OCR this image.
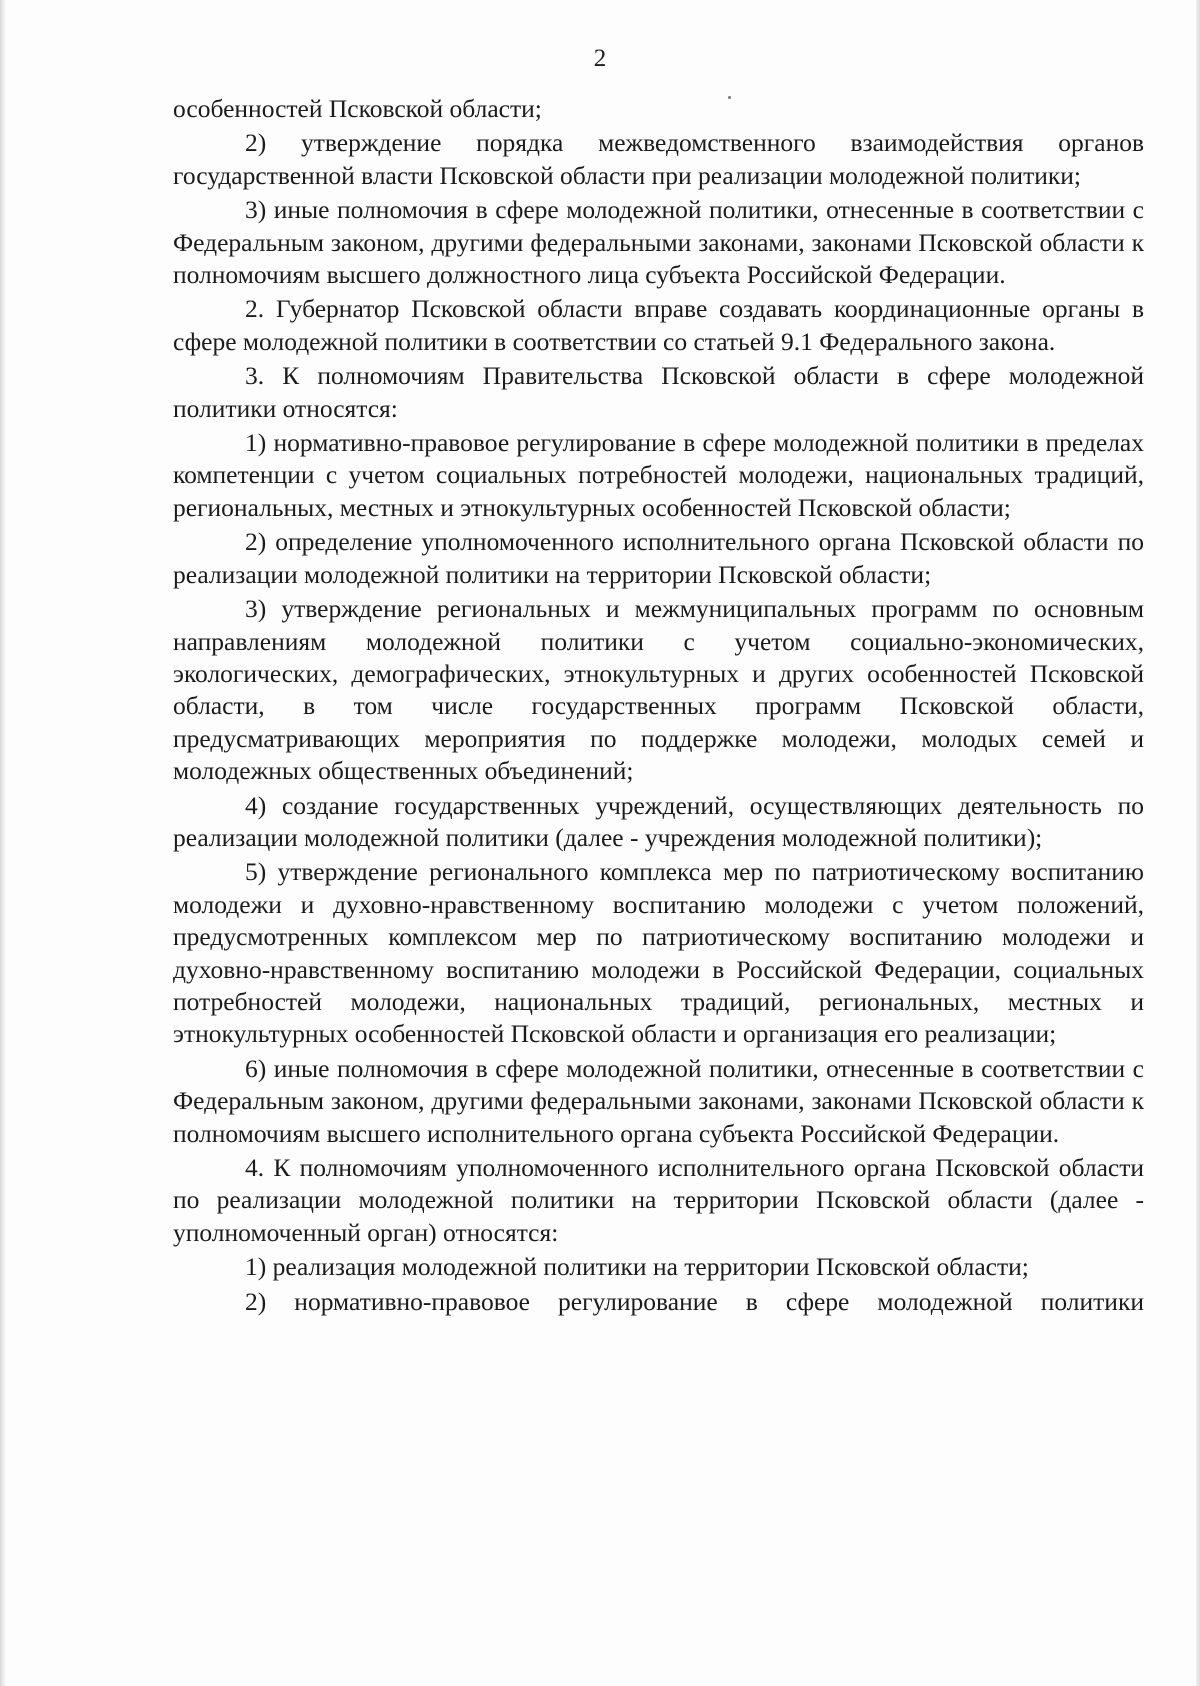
2

особенностей Псковской области;

2) утверждение порядка межведомственного взаимодействия органов государственной власти Псковской области при реализации молодежной политики;

3) иные полномочия в сфере молодежной политики, отнесенные в соответствии с Федеральным законом, другими федеральными законами, законами Псковской области к полномочиям высшего должностного лица субъекта Российской Федерации.

2. Губернатор Псковской области вправе создавать координационные органы в сфере молодежной политики в соответствии со статьей 9.1 Федерального закона.

3. К полномочиям Правительства Псковской области в сфере молодежной политики относятся:

1) нормативно-правовое регулирование в сфере молодежной политики в пределах компетенции с учетом социальных потребностей молодежи, национальных традиций, региональных, местных и этнокультурных особенностей Псковской области;

2) определение уполномоченного исполнительного органа Псковской области по реализации молодежной политики на территории Псковской области;

3) утверждение региональных и межмуниципальных программ по основным направлениям молодежной политики с учетом социально-экономических, экологических, демографических, этнокультурных и других особенностей Псковской области, в том числе государственных программ Псковской области, предусматривающих мероприятия по поддержке молодежи, молодых семей и молодежных общественных объединений;

4) создание государственных учреждений, осуществляющих деятельность по реализации молодежной политики (далее - учреждения молодежной политики);

5) утверждение регионального комплекса мер по патриотическому воспитанию молодежи и духовно-нравственному воспитанию молодежи с учетом положений, предусмотренных комплексом мер по патриотическому воспитанию молодежи и духовно-нравственному воспитанию молодежи в Российской Федерации, социальных потребностей молодежи, национальных традиций, региональных, местных и этнокультурных особенностей Псковской области и организация его реализации;

6) иные полномочия в сфере молодежной политики, отнесенные в соответствии с Федеральным законом, другими федеральными законами, законами Псковской области к полномочиям высшего исполнительного органа субъекта Российской Федерации.

4. К полномочиям уполномоченного исполнительного органа Псковской области по реализации молодежной политики на территории Псковской области (далее - уполномоченный орган) относятся:

1) реализация молодежной политики на территории Псковской области;

2) нормативно-правовое регулирование в сфере молодежной политики
